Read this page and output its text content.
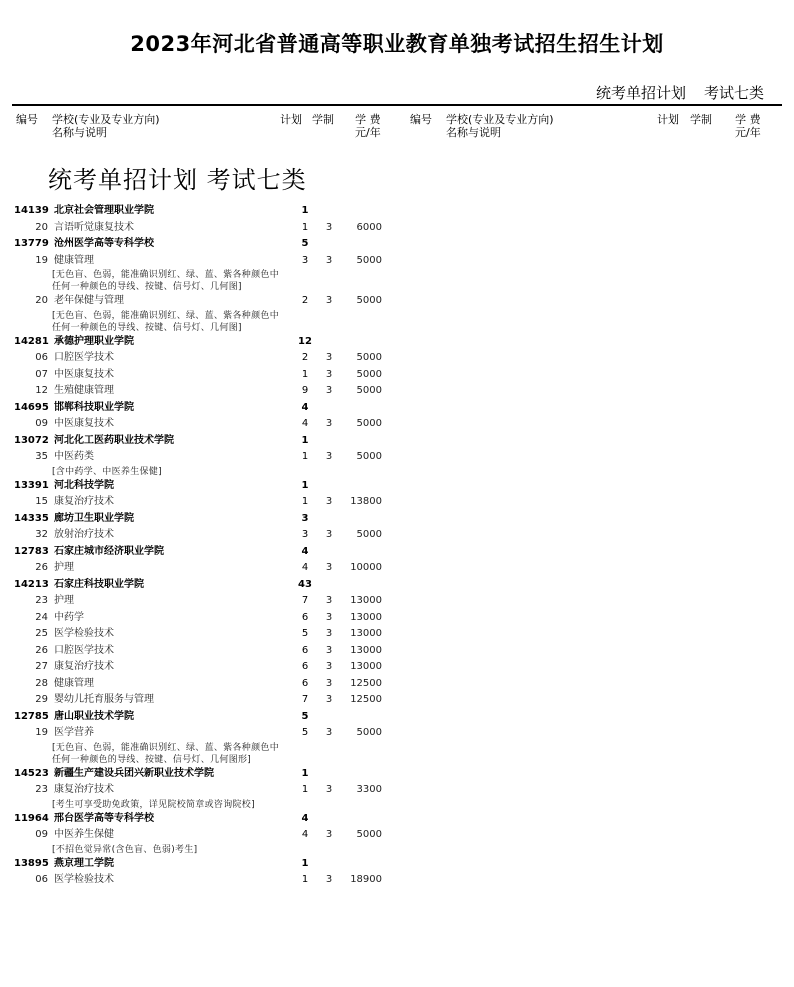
2023年河北省普通高等职业教育单独考试招生招生计划
统考单招计划 考试七类
编号 学校(专业及专业方向)
名称与说明
计划 学制 学 费
元/年
编号 学校(专业及专业方向)
名称与说明
计划 学制 学 费
元/年
统考单招计划 考试七类
14139 北京社会管理职业学院	1
20 言语听觉康复技术	1	3	6000
13779 沧州医学高等专科学校	5
19 健康管理	3	3	5000
[无色盲、色弱，能准确识别红、绿、蓝、紫各种颜色中任何一种颜色的导线、按键、信号灯、几何图]
20 老年保健与管理	2	3	5000
[无色盲、色弱，能准确识别红、绿、蓝、紫各种颜色中任何一种颜色的导线、按键、信号灯、几何图]
14281 承德护理职业学院	12
06 口腔医学技术	2	3	5000
07 中医康复技术	1	3	5000
12 生殖健康管理	9	3	5000
14695 邯郸科技职业学院	4
09 中医康复技术	4	3	5000
13072 河北化工医药职业技术学院	1
35 中医药类	1	3	5000
[含中药学、中医养生保健]
13391 河北科技学院	1
15 康复治疗技术	1	3	13800
14335 廊坊卫生职业学院	3
32 放射治疗技术	3	3	5000
12783 石家庄城市经济职业学院	4
26 护理	4	3	10000
14213 石家庄科技职业学院	43
23 护理	7	3	13000
24 中药学	6	3	13000
25 医学检验技术	5	3	13000
26 口腔医学技术	6	3	13000
27 康复治疗技术	6	3	13000
28 健康管理	6	3	12500
29 婴幼儿托育服务与管理	7	3	12500
12785 唐山职业技术学院	5
19 医学营养	5	3	5000
[无色盲、色弱，能准确识别红、绿、蓝、紫各种颜色中任何一种颜色的导线、按键、信号灯、几何图形]
14523 新疆生产建设兵团兴新职业技术学院	1
23 康复治疗技术	1	3	3300
[考生可享受助免政策，详见院校简章或咨询院校]
11964 邢台医学高等专科学校	4
09 中医养生保健	4	3	5000
[不招色觉异常(含色盲、色弱)考生]
13895 燕京理工学院	1
06 医学检验技术	1	3	18900
